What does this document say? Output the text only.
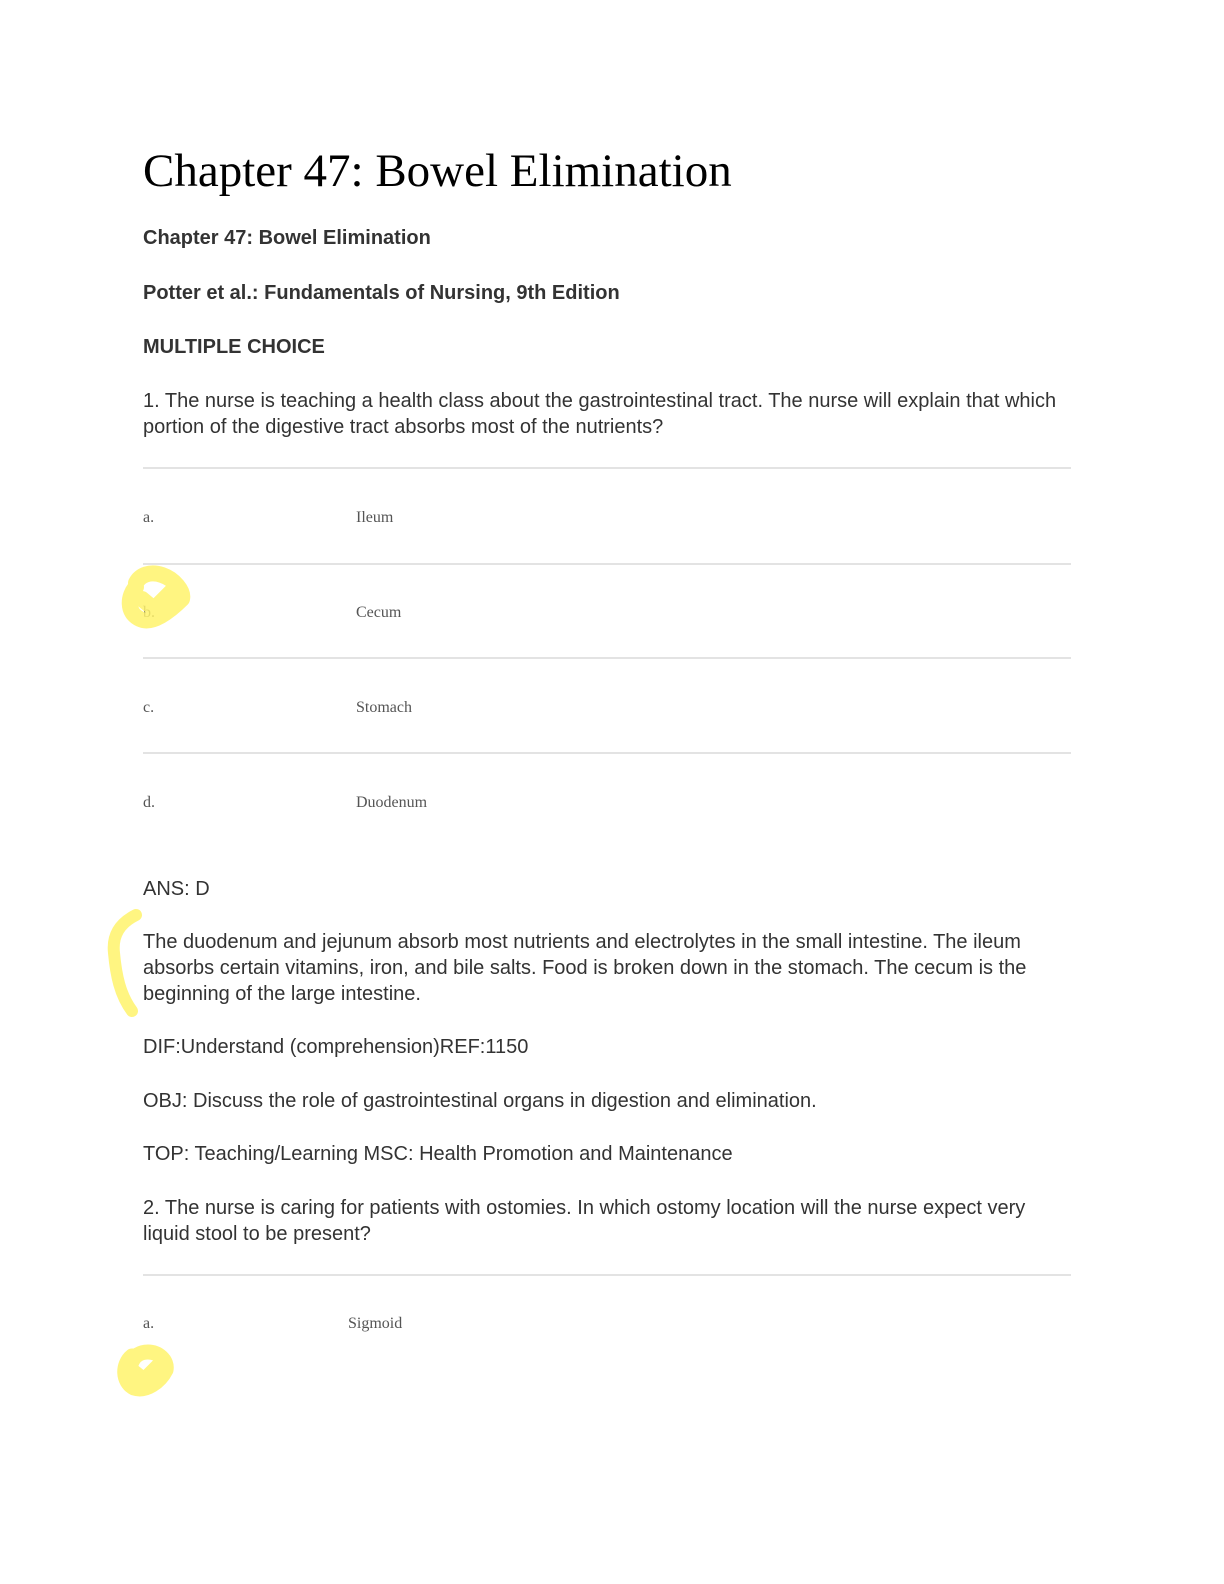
Chapter 47: Bowel Elimination

Chapter 47: Bowel Elimination

Potter et al.: Fundamentals of Nursing, 9th Edition

MULTIPLE CHOICE

1. The nurse is teaching a health class about the gastrointestinal tract. The nurse will explain that which portion of the digestive tract absorbs most of the nutrients?

a.	Ileum

b.	Cecum

c.	Stomach

d.	Duodenum

ANS: D

The duodenum and jejunum absorb most nutrients and electrolytes in the small intestine. The ileum absorbs certain vitamins, iron, and bile salts. Food is broken down in the stomach. The cecum is the beginning of the large intestine.

DIF:Understand (comprehension)REF:1150

OBJ: Discuss the role of gastrointestinal organs in digestion and elimination.

TOP: Teaching/Learning MSC: Health Promotion and Maintenance

2. The nurse is caring for patients with ostomies. In which ostomy location will the nurse expect very liquid stool to be present?

a.	Sigmoid
